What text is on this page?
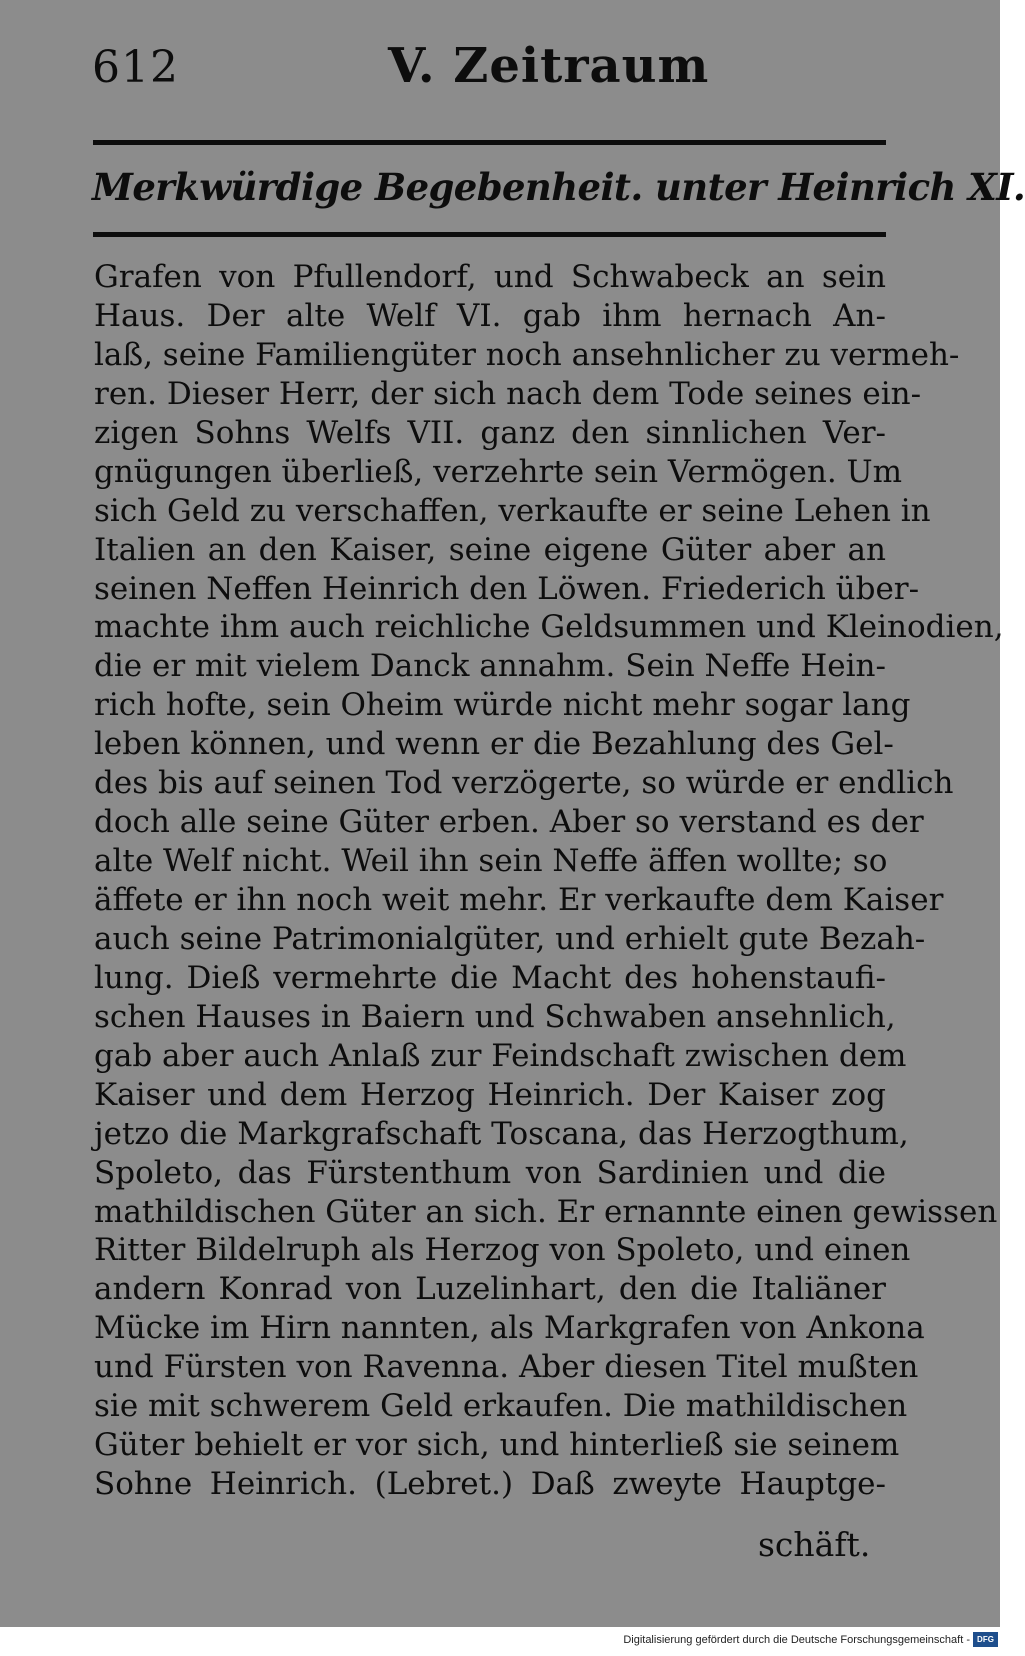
612	V. Zeitraum
Merkwürdige Begebenheit. unter Heinrich XI.
Grafen von Pfullendorf, und Schwabeck an sein
Haus. Der alte Welf VI. gab ihm hernach An-
laß, seine Familiengüter noch ansehnlicher zu vermeh-
ren. Dieser Herr, der sich nach dem Tode seines ein-
zigen Sohns Welfs VII. ganz den sinnlichen Ver-
gnügungen überließ, verzehrte sein Vermögen. Um
sich Geld zu verschaffen, verkaufte er seine Lehen in
Italien an den Kaiser, seine eigene Güter aber an
seinen Neffen Heinrich den Löwen. Friederich über-
machte ihm auch reichliche Geldsummen und Kleinodien,
die er mit vielem Danck annahm. Sein Neffe Hein-
rich hofte, sein Oheim würde nicht mehr sogar lang
leben können, und wenn er die Bezahlung des Gel-
des bis auf seinen Tod verzögerte, so würde er endlich
doch alle seine Güter erben. Aber so verstand es der
alte Welf nicht. Weil ihn sein Neffe äffen wollte; so
äffete er ihn noch weit mehr. Er verkaufte dem Kaiser
auch seine Patrimonialgüter, und erhielt gute Bezah-
lung. Dieß vermehrte die Macht des hohenstaufi-
schen Hauses in Baiern und Schwaben ansehnlich,
gab aber auch Anlaß zur Feindschaft zwischen dem
Kaiser und dem Herzog Heinrich. Der Kaiser zog
jetzo die Markgrafschaft Toscana, das Herzogthum,
Spoleto, das Fürstenthum von Sardinien und die
mathildischen Güter an sich. Er ernannte einen gewissen
Ritter Bildelruph als Herzog von Spoleto, und einen
andern Konrad von Luzelinhart, den die Italiäner
Mücke im Hirn nannten, als Markgrafen von Ankona
und Fürsten von Ravenna. Aber diesen Titel mußten
sie mit schwerem Geld erkaufen. Die mathildischen
Güter behielt er vor sich, und hinterließ sie seinem
Sohne Heinrich. (Lebret.) Daß zweyte Hauptge-
schäft.
Digitalisierung gefördert durch die Deutsche Forschungsgemeinschaft - DFG
